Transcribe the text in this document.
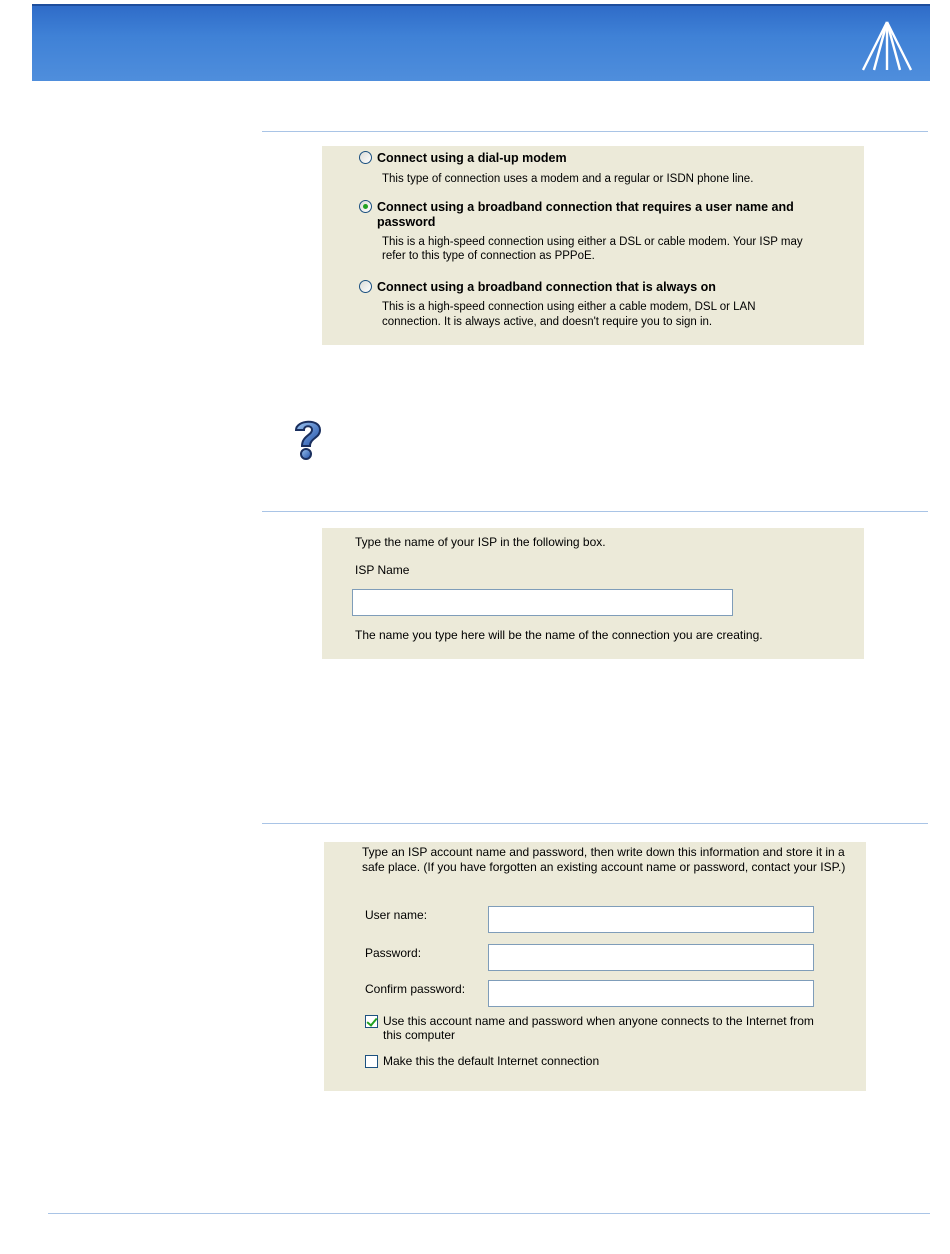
Connect using a dial-up modem
This type of connection uses a modem and a regular or ISDN phone line.
Connect using a broadband connection that requires a user name and
password
This is a high-speed connection using either a DSL or cable modem. Your ISP may
refer to this type of connection as PPPoE.
Connect using a broadband connection that is always on
This is a high-speed connection using either a cable modem, DSL or LAN
connection. It is always active, and doesn't require you to sign in.
Type the name of your ISP in the following box.
ISP Name
The name you type here will be the name of the connection you are creating.
Type an ISP account name and password, then write down this information and store it in a
safe place. (If you have forgotten an existing account name or password, contact your ISP.)
User name:
Password:
Confirm password:
Use this account name and password when anyone connects to the Internet from
this computer
Make this the default Internet connection
